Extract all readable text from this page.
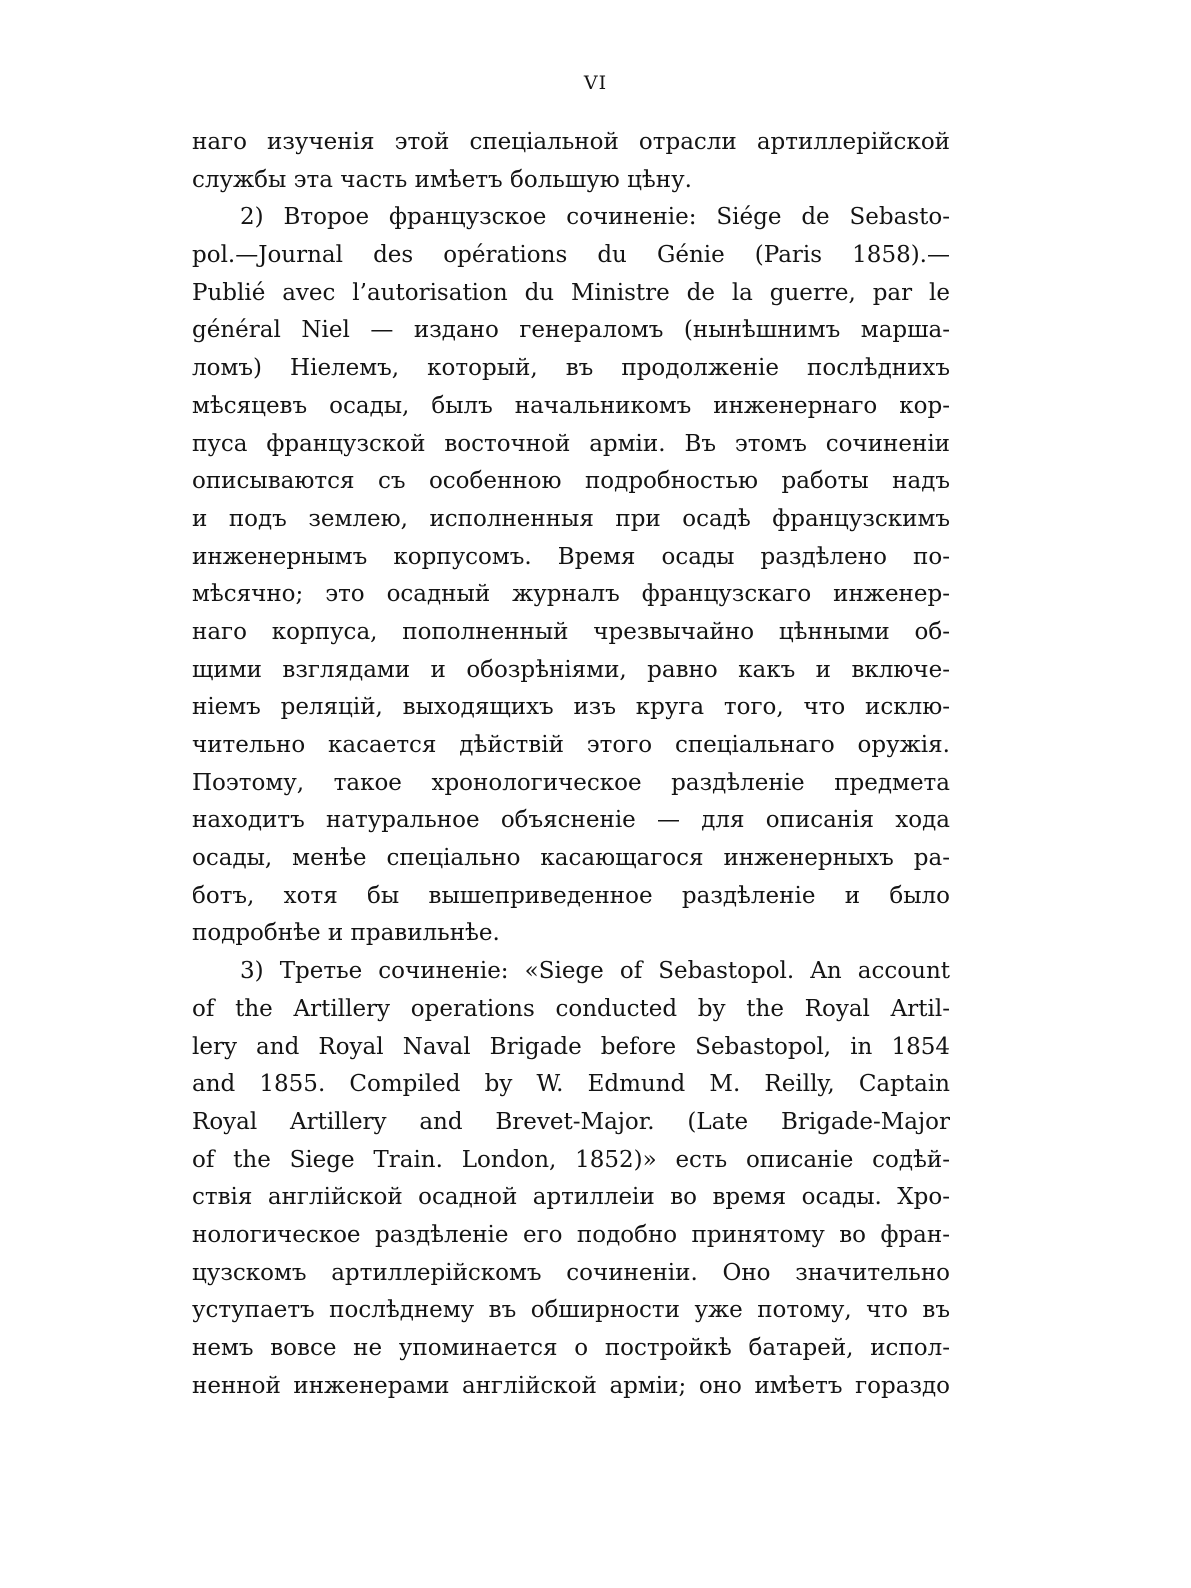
VI
наго изученія этой спеціальной отрасли артиллерійской
службы эта часть имѣетъ большую цѣну.
2) Второе французское сочиненіе: Siége de Sebasto-
pol.—Journal des opérations du Génie (Paris 1858).—
Publié avec l’autorisation du Ministre de la guerre, par le
général Niel — издано генераломъ (нынѣшнимъ марша-
ломъ) Ніелемъ, который, въ продолженіе послѣднихъ
мѣсяцевъ осады, былъ начальникомъ инженернаго кор-
пуса французской восточной арміи. Въ этомъ сочиненіи
описываются съ особенною подробностью работы надъ
и подъ землею, исполненныя при осадѣ французскимъ
инженернымъ корпусомъ. Время осады раздѣлено по-
мѣсячно; это осадный журналъ французскаго инженер-
наго корпуса, пополненный чрезвычайно цѣнными об-
щими взглядами и обозрѣніями, равно какъ и включе-
ніемъ реляцій, выходящихъ изъ круга того, что исклю-
чительно касается дѣйствій этого спеціальнаго оружія.
Поэтому, такое хронологическое раздѣленіе предмета
находитъ натуральное объясненіе — для описанія хода
осады, менѣе спеціально касающагося инженерныхъ ра-
ботъ, хотя бы вышеприведенное раздѣленіе и было
подробнѣе и правильнѣе.
3) Третье сочиненіе: «Siege of Sebastopol. An account
of the Artillery operations conducted by the Royal Artil-
lery and Royal Naval Brigade before Sebastopol, in 1854
and 1855. Compiled by W. Edmund M. Reilly, Captain
Royal Artillery and Brevet-Major. (Late Brigade-Major
of the Siege Train. London, 1852)» есть описаніе содѣй-
ствія англійской осадной артиллеіи во время осады. Хро-
нологическое раздѣленіе его подобно принятому во фран-
цузскомъ артиллерійскомъ сочиненіи. Оно значительно
уступаетъ послѣднему въ обширности уже потому, что въ
немъ вовсе не упоминается о постройкѣ батарей, испол-
ненной инженерами англійской арміи; оно имѣетъ гораздо
